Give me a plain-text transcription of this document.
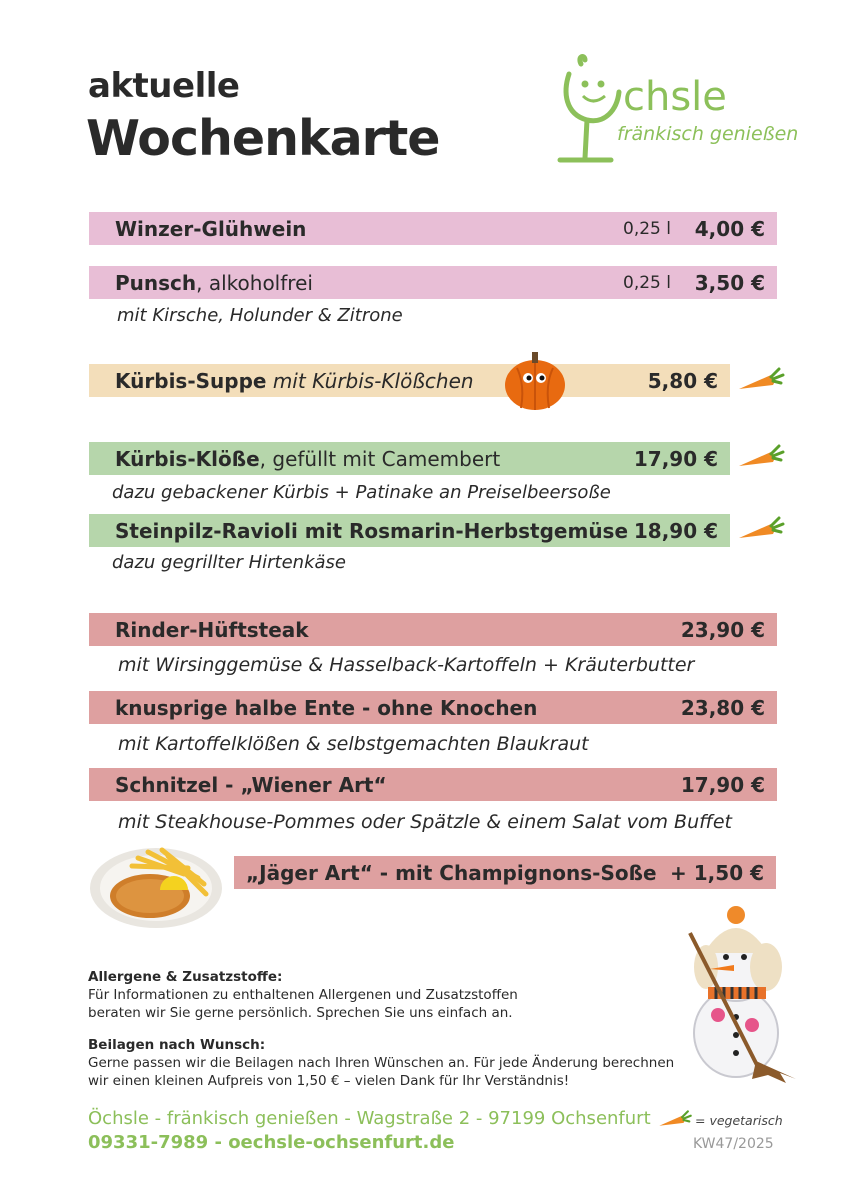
aktuelle
Wochenkarte
chsle
fränkisch genießen
Winzer-Glühwein	0,25 l 4,00 €
Punsch, alkoholfrei	0,25 l 3,50 €
mit Kirsche, Holunder & Zitrone
Kürbis-Suppe mit Kürbis-Klößchen	5,80 €
Kürbis-Klöße, gefüllt mit Camembert	17,90 €
dazu gebackener Kürbis + Patinake an Preiselbeersoße
Steinpilz-Ravioli mit Rosmarin-Herbstgemüse 18,90 €
dazu gegrillter Hirtenkäse
Rinder-Hüftsteak	23,90 €
mit Wirsinggemüse & Hasselback-Kartoffeln + Kräuterbutter
knusprige halbe Ente - ohne Knochen	23,80 €
mit Kartoffelklößen & selbstgemachten Blaukraut
Schnitzel - „Wiener Art“	17,90 €
mit Steakhouse-Pommes oder Spätzle & einem Salat vom Buffet
„Jäger Art“ - mit Champignons-Soße + 1,50 €
Allergene & Zusatzstoffe:
Für Informationen zu enthaltenen Allergenen und Zusatzstoffen
beraten wir Sie gerne persönlich. Sprechen Sie uns einfach an.
Beilagen nach Wunsch:
Gerne passen wir die Beilagen nach Ihren Wünschen an. Für jede Änderung berechnen
wir einen kleinen Aufpreis von 1,50 € – vielen Dank für Ihr Verständnis!
Öchsle - fränkisch genießen - Wagstraße 2 - 97199 Ochsenfurt
09331-7989 - oechsle-ochsenfurt.de
= vegetarisch
KW47/2025
